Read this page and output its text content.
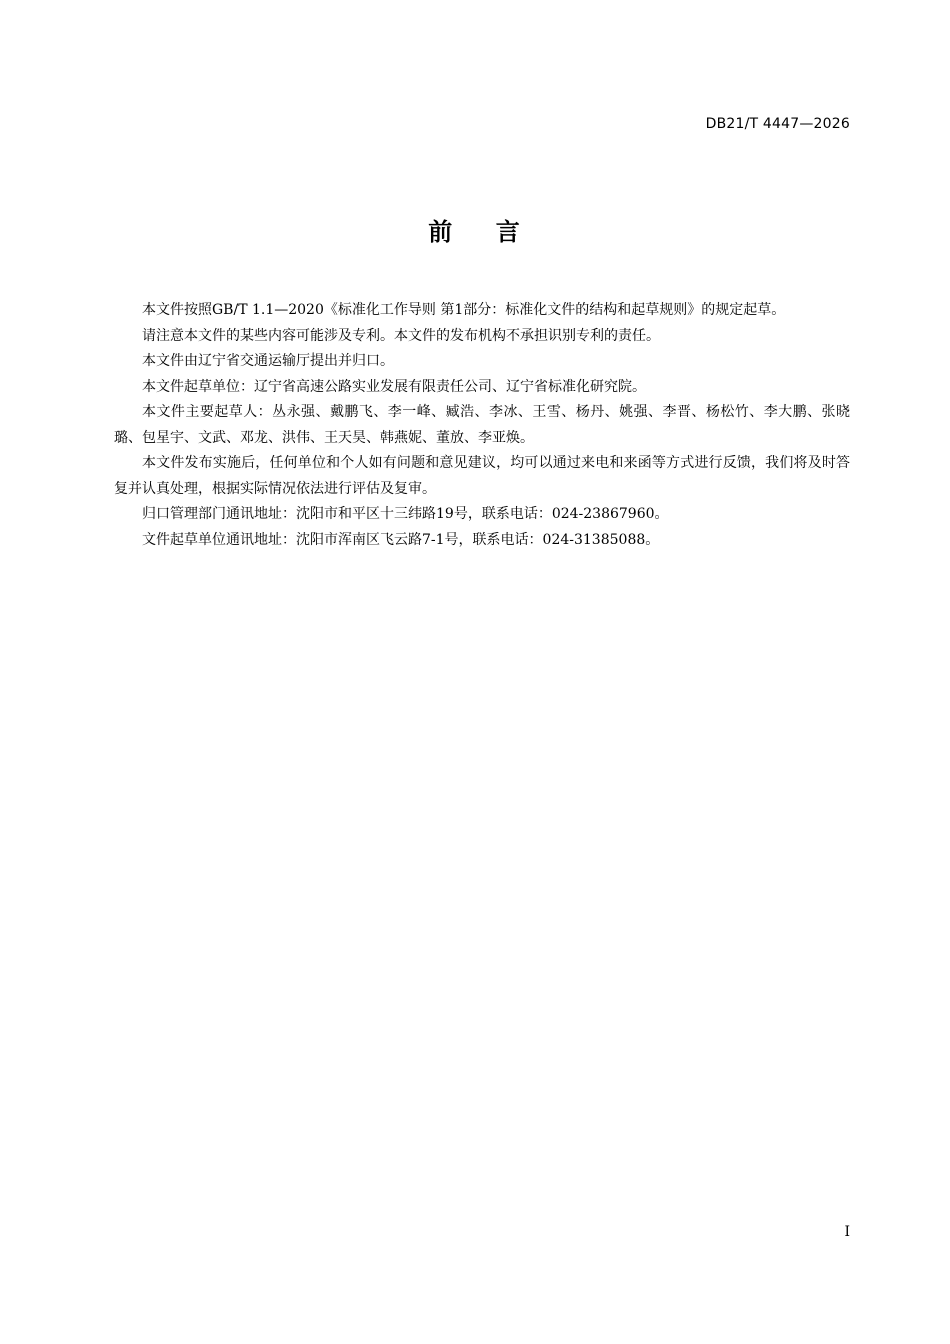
DB21/T 4447—2026
前    言

本文件按照GB/T 1.1—2020《标准化工作导则 第1部分：标准化文件的结构和起草规则》的规定起草。

请注意本文件的某些内容可能涉及专利。本文件的发布机构不承担识别专利的责任。

本文件由辽宁省交通运输厅提出并归口。

本文件起草单位：辽宁省高速公路实业发展有限责任公司、辽宁省标准化研究院。

本文件主要起草人：丛永强、戴鹏飞、李一峰、臧浩、李冰、王雪、杨丹、姚强、李晋、杨松竹、李大鹏、张晓璐、包星宇、文武、邓龙、洪伟、王天昊、韩燕妮、董放、李亚焕。

本文件发布实施后，任何单位和个人如有问题和意见建议，均可以通过来电和来函等方式进行反馈，我们将及时答复并认真处理，根据实际情况依法进行评估及复审。

归口管理部门通讯地址：沈阳市和平区十三纬路19号，联系电话：024-23867960。

文件起草单位通讯地址：沈阳市浑南区飞云路7-1号，联系电话：024-31385088。

I
